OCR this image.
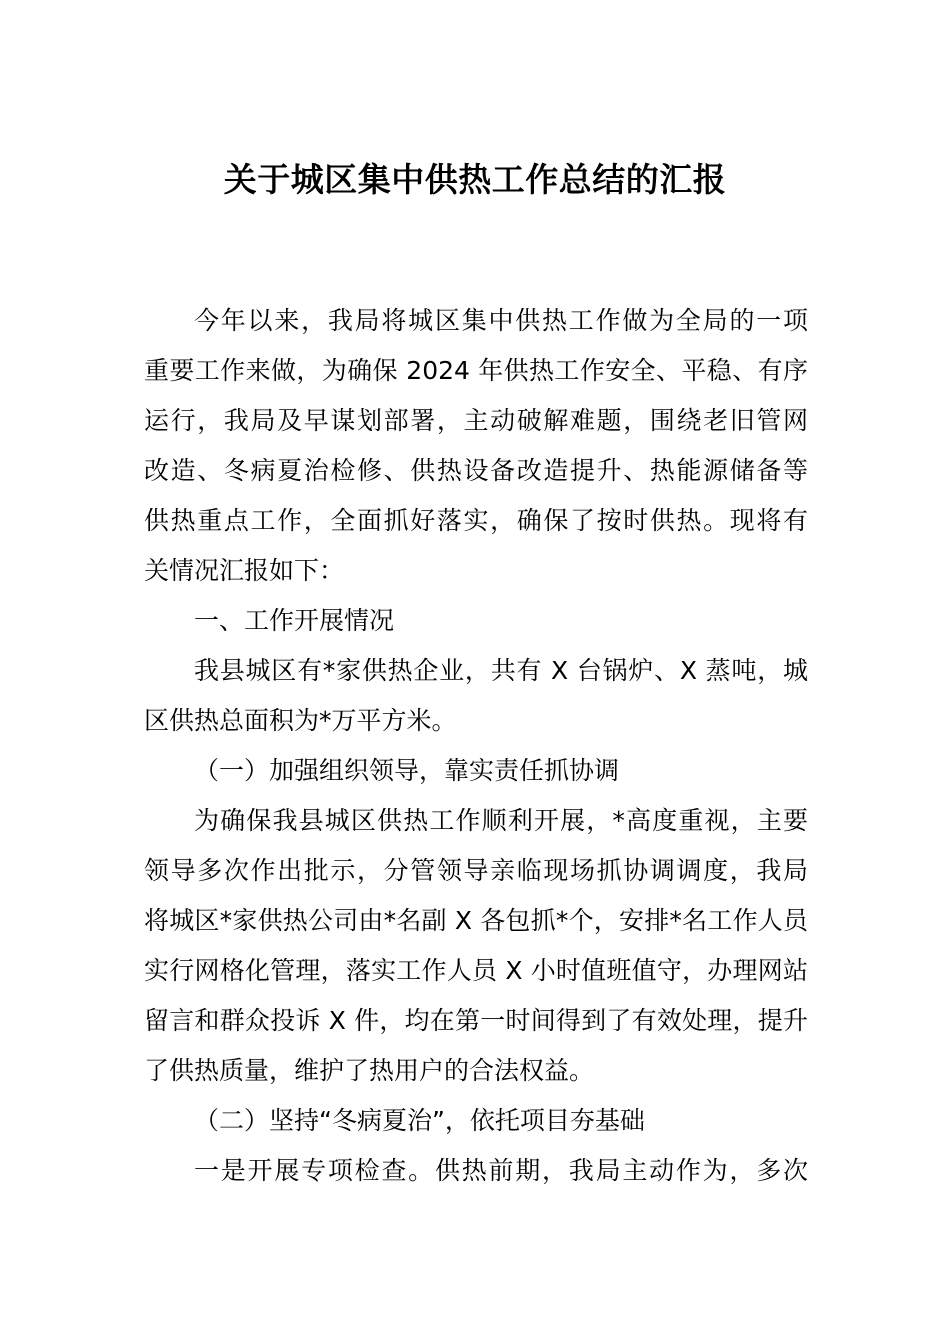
关于城区集中供热工作总结的汇报
今年以来，我局将城区集中供热工作做为全局的一项
重要工作来做，为确保 2024 年供热工作安全、平稳、有序
运行，我局及早谋划部署，主动破解难题，围绕老旧管网
改造、冬病夏治检修、供热设备改造提升、热能源储备等
供热重点工作，全面抓好落实，确保了按时供热。现将有
关情况汇报如下：
一、工作开展情况
我县城区有*家供热企业，共有 X 台锅炉、X 蒸吨，城
区供热总面积为*万平方米。
（一）加强组织领导，靠实责任抓协调
为确保我县城区供热工作顺利开展，*高度重视，主要
领导多次作出批示，分管领导亲临现场抓协调调度，我局
将城区*家供热公司由*名副 X 各包抓*个，安排*名工作人员
实行网格化管理，落实工作人员 X 小时值班值守，办理网站
留言和群众投诉 X 件，均在第一时间得到了有效处理，提升
了供热质量，维护了热用户的合法权益。
（二）坚持“冬病夏治”，依托项目夯基础
一是开展专项检查。供热前期，我局主动作为，多次
